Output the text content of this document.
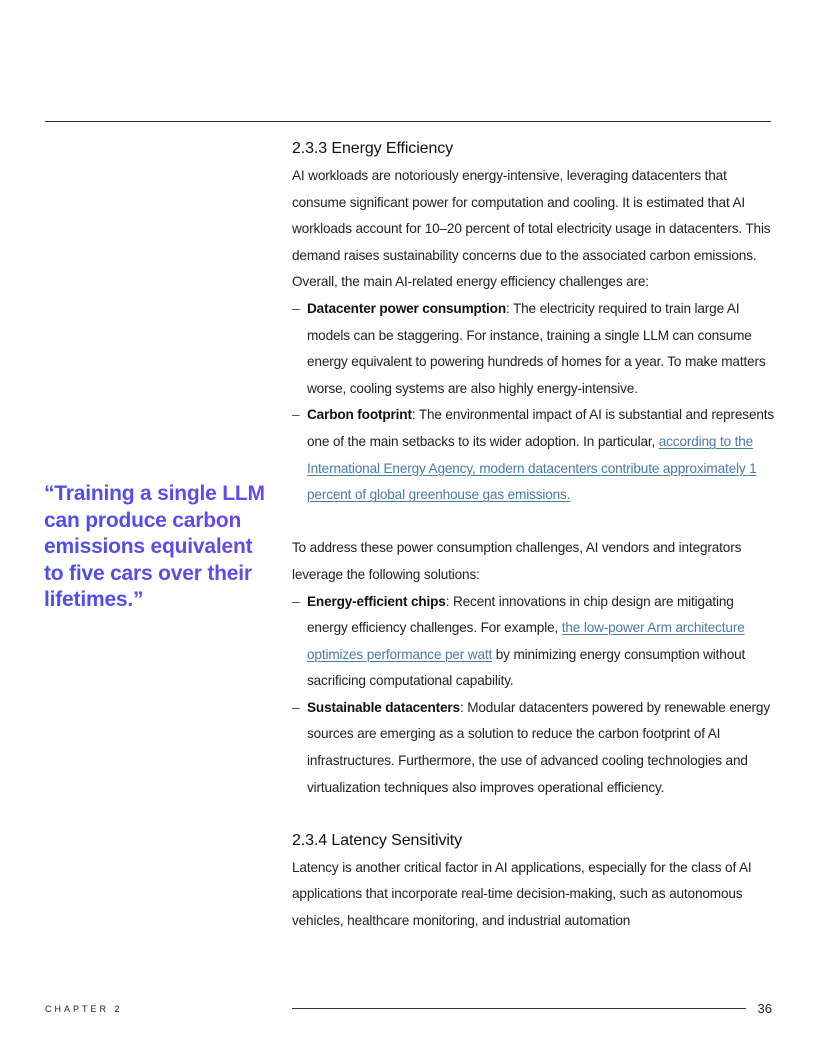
“Training a single LLM can produce carbon emissions equivalent to five cars over their lifetimes.”
2.3.3 Energy Efficiency

AI workloads are notoriously energy-intensive, leveraging datacenters that consume significant power for computation and cooling. It is estimated that AI workloads account for 10–20 percent of total electricity usage in datacenters. This demand raises sustainability concerns due to the associated carbon emissions. Overall, the main AI-related energy efficiency challenges are:

– Datacenter power consumption: The electricity required to train large AI models can be staggering. For instance, training a single LLM can consume energy equivalent to powering hundreds of homes for a year. To make matters worse, cooling systems are also highly energy-intensive.
– Carbon footprint: The environmental impact of AI is substantial and represents one of the main setbacks to its wider adoption. In particular, according to the International Energy Agency, modern datacenters contribute approximately 1 percent of global greenhouse gas emissions.

To address these power consumption challenges, AI vendors and integrators leverage the following solutions:

– Energy-efficient chips: Recent innovations in chip design are mitigating energy efficiency challenges. For example, the low-power Arm architecture optimizes performance per watt by minimizing energy consumption without sacrificing computational capability.
– Sustainable datacenters: Modular datacenters powered by renewable energy sources are emerging as a solution to reduce the carbon footprint of AI infrastructures. Furthermore, the use of advanced cooling technologies and virtualization techniques also improves operational efficiency.
2.3.4 Latency Sensitivity

Latency is another critical factor in AI applications, especially for the class of AI applications that incorporate real-time decision-making, such as autonomous vehicles, healthcare monitoring, and industrial automation

CHAPTER 2	36
